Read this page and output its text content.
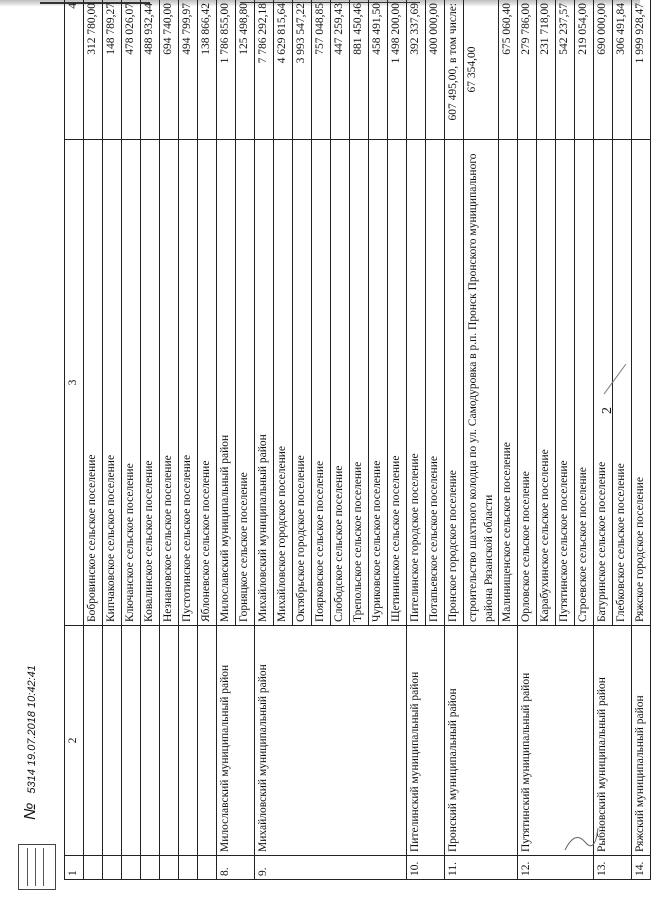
2
1	2	3	4
		Бобровинское сельское поселение	312 780,00
		Кипчаковское сельское поселение	148 789,27
		Ключанское сельское поселение	478 026,07
		Ковалинское сельское поселение	488 932,44
		Незнановское сельское поселение	694 740,00
		Пустотинское сельское поселение	494 799,97
		Яблоневское сельское поселение	138 866,42
8.	Милославский муниципальный район	Милославский муниципальный район	1 786 855,00
		Горняцкое сельское поселение	125 498,80
9.	Михайловский муниципальный район	Михайловский муниципальный район	7 786 292,18
		Михайловское городское поселение	4 629 815,64
		Октябрьское городское поселение	3 993 547,22
		Поярковское сельское поселение	757 048,85
		Слободское сельское поселение	447 259,43
		Трепольское сельское поселение	881 450,46
		Чуриковское сельское поселение	458 491,50
		Щетининское сельское поселение	1 498 200,00
10.	Пителинский муниципальный район	Пителинское городское поселение	392 337,69
		Потапьевское сельское поселение	400 000,00
11.	Пронский муниципальный район	Пронское городское поселение	607 495,00, в том числе:
		строительство шахтного колодца по ул. Самодуровка в р.п. Пронск Пронского муниципального района Рязанской области	67 354,00
		Малинищенское сельское поселение	675 060,40
12.	Путятинский муниципальный район	Орловское сельское поселение	279 786,00
		Карабухинское сельское поселение	231 718,00
		Путятинское сельское поселение	542 237,57
		Строевское сельское поселение	219 054,00
13.	Рыбновский муниципальный район	Батуринское сельское поселение	690 000,00
		Глебковское сельское поселение	306 491,84
14.	Ряжский муниципальный район	Ряжское городское поселение	1 999 928,47
№ 5314 19.07.2018 10:42:41
